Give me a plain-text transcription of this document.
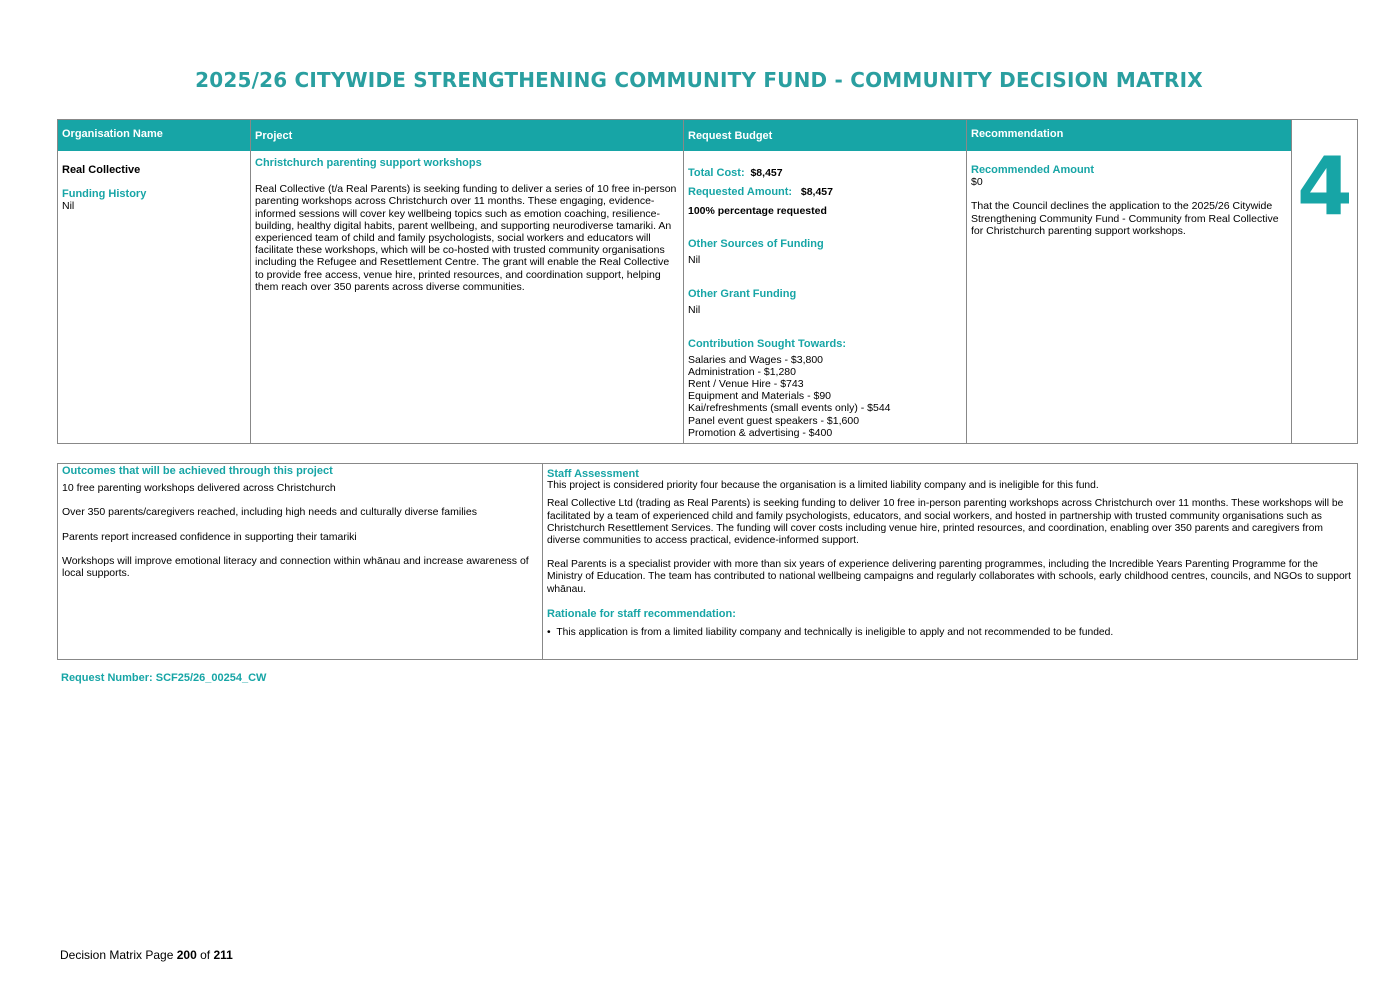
2025/26 CITYWIDE STRENGTHENING COMMUNITY FUND - COMMUNITY DECISION MATRIX
Organisation Name
Real Collective
Funding History
Nil
Project
Christchurch parenting support workshops
Real Collective (t/a Real Parents) is seeking funding to deliver a series of 10 free in-person parenting workshops across Christchurch over 11 months. These engaging, evidence-informed sessions will cover key wellbeing topics such as emotion coaching, resilience-building, healthy digital habits, parent wellbeing, and supporting neurodiverse tamariki. An experienced team of child and family psychologists, social workers and educators will facilitate these workshops, which will be co-hosted with trusted community organisations including the Refugee and Resettlement Centre. The grant will enable the Real Collective to provide free access, venue hire, printed resources, and coordination support, helping them reach over 350 parents across diverse communities.
Request Budget
Total Cost: $8,457
Requested Amount: $8,457
100% percentage requested
Other Sources of Funding
Nil
Other Grant Funding
Nil
Contribution Sought Towards:
Salaries and Wages - $3,800
Administration - $1,280
Rent / Venue Hire - $743
Equipment and Materials - $90
Kai/refreshments (small events only) - $544
Panel event guest speakers - $1,600
Promotion & advertising - $400
Recommendation
Recommended Amount
$0
That the Council declines the application to the 2025/26 Citywide Strengthening Community Fund - Community from Real Collective for Christchurch parenting support workshops.	4
Outcomes that will be achieved through this project
10 free parenting workshops delivered across Christchurch
Over 350 parents/caregivers reached, including high needs and culturally diverse families
Parents report increased confidence in supporting their tamariki
Workshops will improve emotional literacy and connection within whānau and increase awareness of local supports.
Staff Assessment
This project is considered priority four because the organisation is a limited liability company and is ineligible for this fund.
Real Collective Ltd (trading as Real Parents) is seeking funding to deliver 10 free in-person parenting workshops across Christchurch over 11 months. These workshops will be facilitated by a team of experienced child and family psychologists, educators, and social workers, and hosted in partnership with trusted community organisations such as Christchurch Resettlement Services. The funding will cover costs including venue hire, printed resources, and coordination, enabling over 350 parents and caregivers from diverse communities to access practical, evidence-informed support.
Real Parents is a specialist provider with more than six years of experience delivering parenting programmes, including the Incredible Years Parenting Programme for the Ministry of Education. The team has contributed to national wellbeing campaigns and regularly collaborates with schools, early childhood centres, councils, and NGOs to support whānau.
Rationale for staff recommendation:
•  This application is from a limited liability company and technically is ineligible to apply and not recommended to be funded.
Request Number: SCF25/26_00254_CW
Decision Matrix Page 200 of 211
